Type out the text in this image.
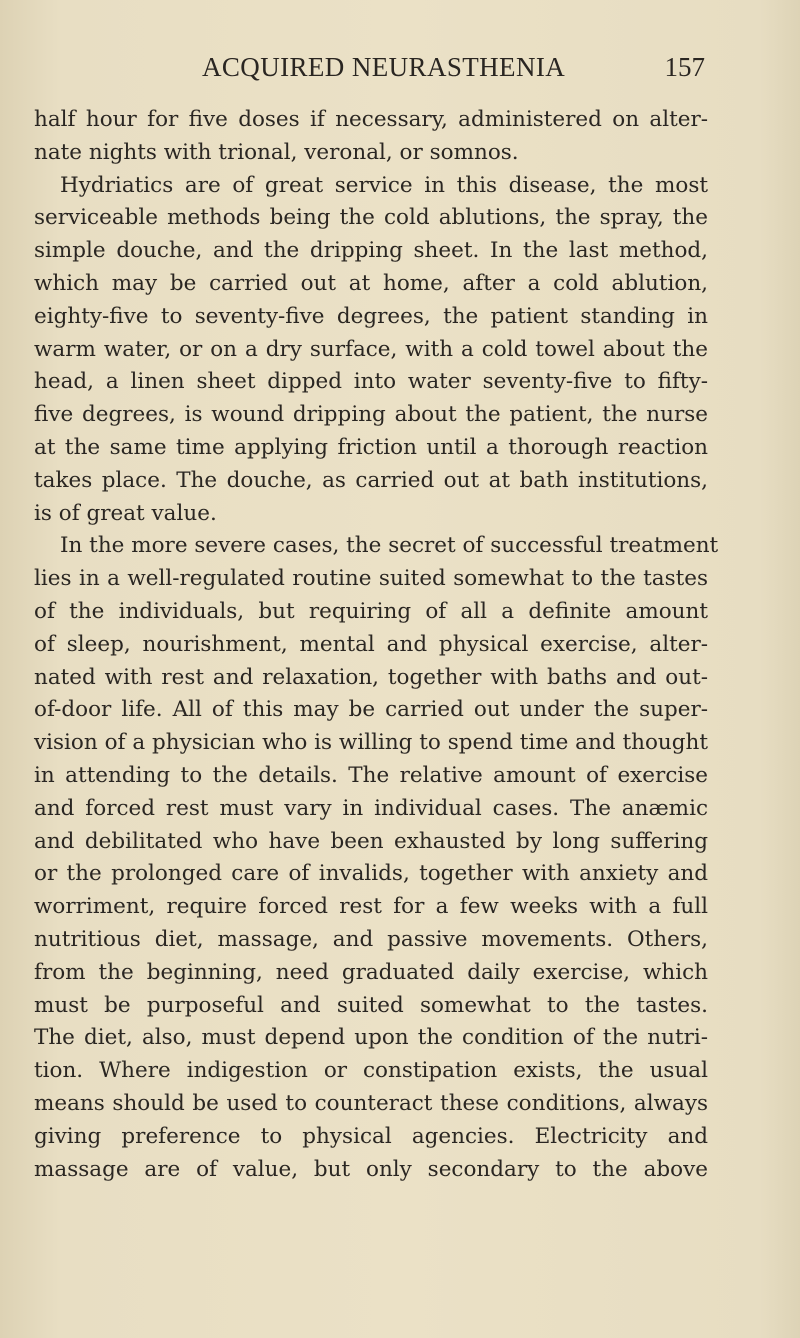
ACQUIRED NEURASTHENIA	157
half hour for five doses if necessary, administered on alter-
nate nights with trional, veronal, or somnos.
Hydriatics are of great service in this disease, the most
serviceable methods being the cold ablutions, the spray, the
simple douche, and the dripping sheet. In the last method,
which may be carried out at home, after a cold ablution,
eighty-five to seventy-five degrees, the patient standing in
warm water, or on a dry surface, with a cold towel about the
head, a linen sheet dipped into water seventy-five to fifty-
five degrees, is wound dripping about the patient, the nurse
at the same time applying friction until a thorough reaction
takes place. The douche, as carried out at bath institutions,
is of great value.
In the more severe cases, the secret of successful treatment
lies in a well-regulated routine suited somewhat to the tastes
of the individuals, but requiring of all a definite amount
of sleep, nourishment, mental and physical exercise, alter-
nated with rest and relaxation, together with baths and out-
of-door life. All of this may be carried out under the super-
vision of a physician who is willing to spend time and thought
in attending to the details. The relative amount of exercise
and forced rest must vary in individual cases. The anæmic
and debilitated who have been exhausted by long suffering
or the prolonged care of invalids, together with anxiety and
worriment, require forced rest for a few weeks with a full
nutritious diet, massage, and passive movements. Others,
from the beginning, need graduated daily exercise, which
must be purposeful and suited somewhat to the tastes.
The diet, also, must depend upon the condition of the nutri-
tion. Where indigestion or constipation exists, the usual
means should be used to counteract these conditions, always
giving preference to physical agencies. Electricity and
massage are of value, but only secondary to the above
